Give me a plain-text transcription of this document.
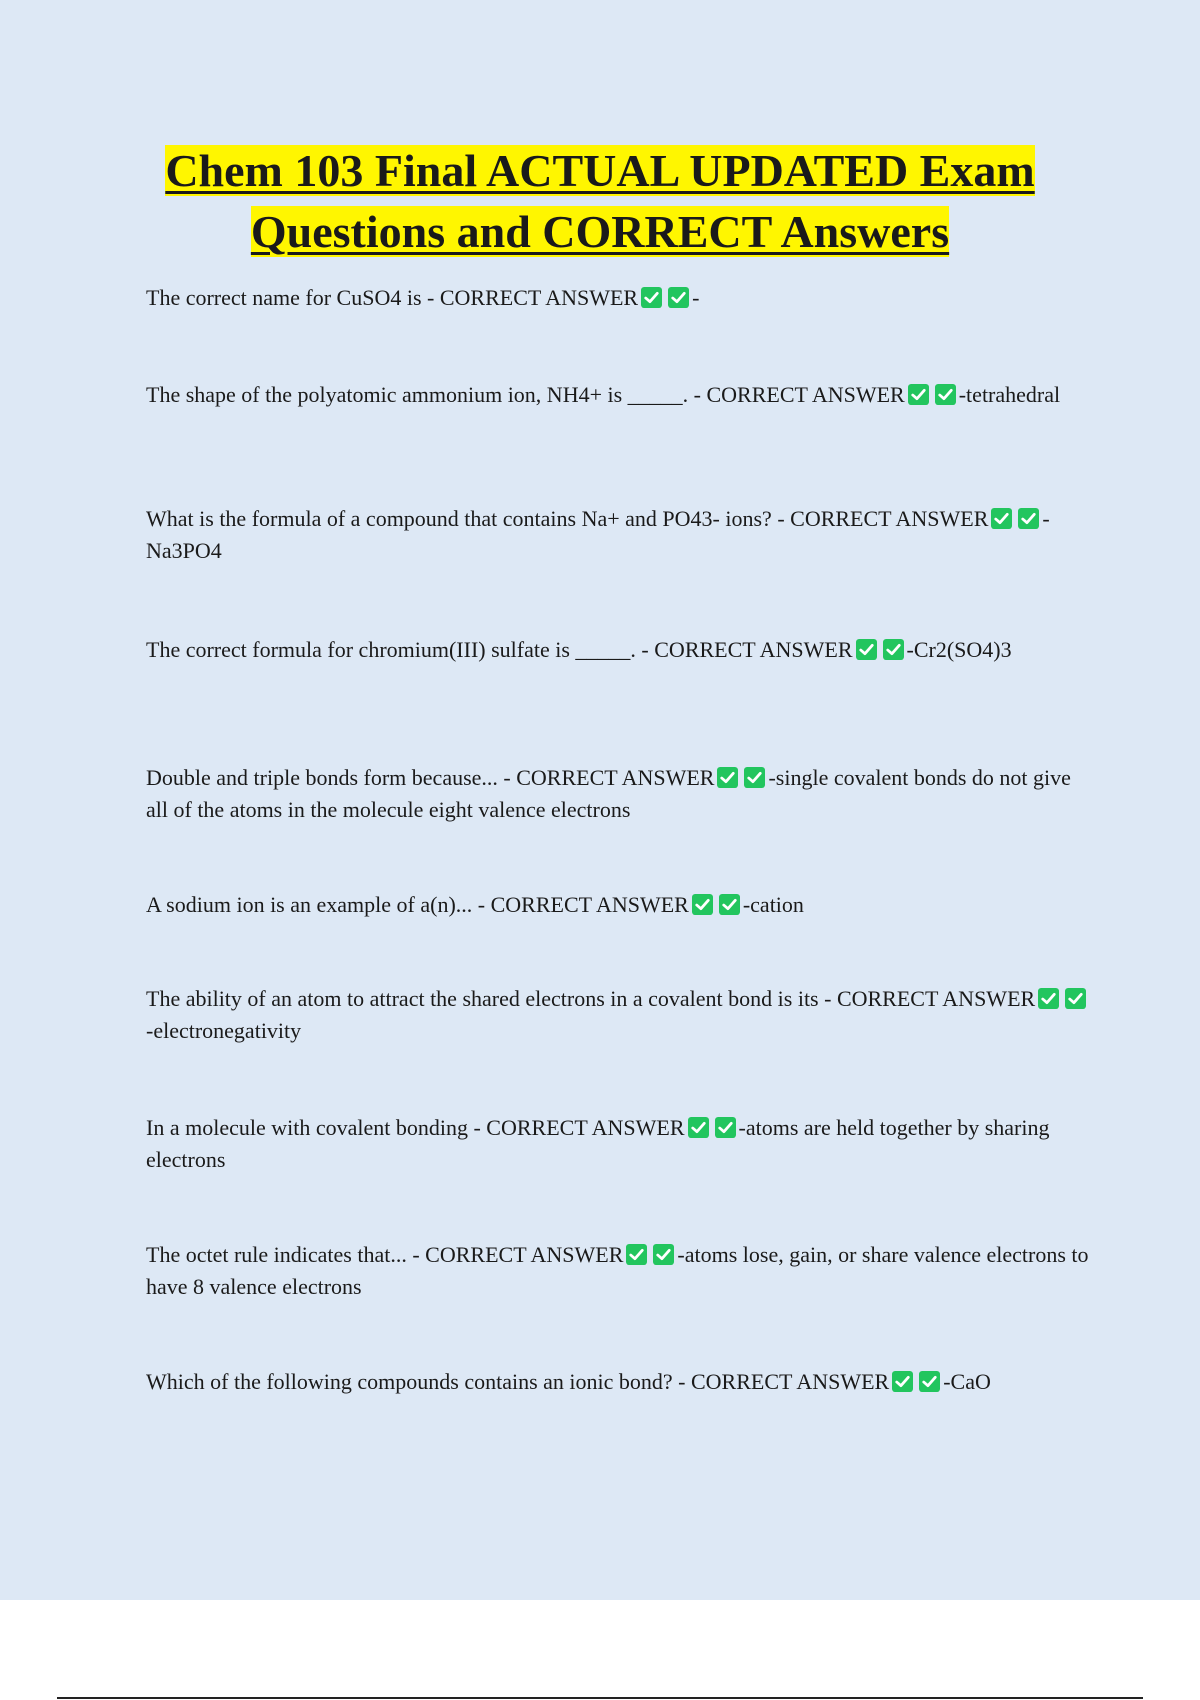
Chem 103 Final ACTUAL UPDATED Exam
Questions and CORRECT Answers

The correct name for CuSO4 is - CORRECT ANSWER -

The shape of the polyatomic ammonium ion, NH4+ is _____. - CORRECT ANSWER -tetrahedral

What is the formula of a compound that contains Na+ and PO43- ions? - CORRECT ANSWER -Na3PO4

The correct formula for chromium(III) sulfate is _____. - CORRECT ANSWER -Cr2(SO4)3

Double and triple bonds form because... - CORRECT ANSWER -single covalent bonds do not give all of the atoms in the molecule eight valence electrons

A sodium ion is an example of a(n)... - CORRECT ANSWER -cation

The ability of an atom to attract the shared electrons in a covalent bond is its - CORRECT ANSWER-electronegativity

In a molecule with covalent bonding - CORRECT ANSWER -atoms are held together by sharing electrons

The octet rule indicates that... - CORRECT ANSWER -atoms lose, gain, or share valence electrons to have 8 valence electrons

Which of the following compounds contains an ionic bond? - CORRECT ANSWER -CaO
